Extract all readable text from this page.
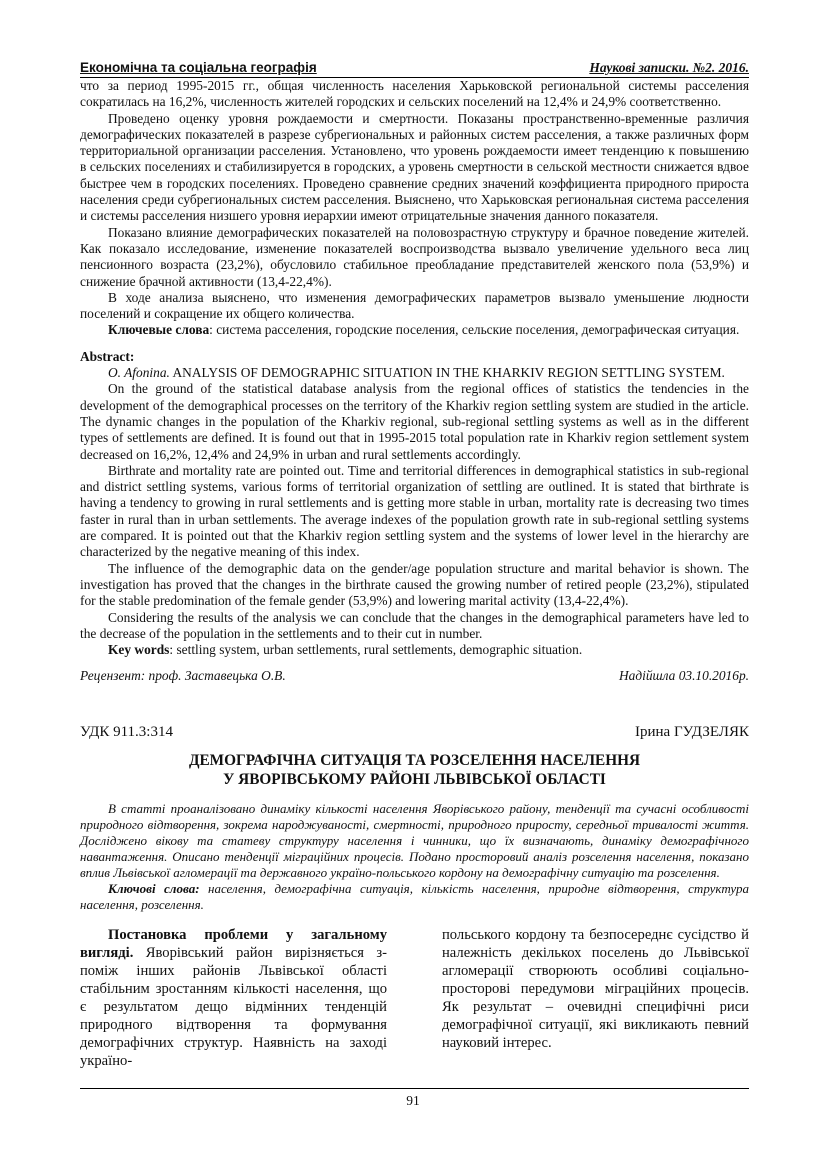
Економічна та соціальна географія	Наукові записки. №2. 2016.

что за период 1995-2015 гг., общая численность населения Харьковской региональной системы расселения сократилась на 16,2%, численность жителей городских и сельских поселений на 12,4% и 24,9% соответственно.

Проведено оценку уровня рождаемости и смертности. Показаны пространственно-временные различия демографических показателей в разрезе субрегиональных и районных систем расселения, а также различных форм территориальной организации расселения. Установлено, что уровень рождаемости имеет тенденцию к повышению в сельских поселениях и стабилизируется в городских, а уровень смертности в сельской местности снижается вдвое быстрее чем в городских поселениях. Проведено сравнение средних значений коэффициента природного прироста населения среди субрегиональных систем расселения. Выяснено, что Харьковская региональная система расселения и системы расселения низшего уровня иерархии имеют отрицательные значения данного показателя.

Показано влияние демографических показателей на половозрастную структуру и брачное поведение жителей. Как показало исследование, изменение показателей воспроизводства вызвало увеличение удельного веса лиц пенсионного возраста (23,2%), обусловило стабильное преобладание представителей женского пола (53,9%) и снижение брачной активности (13,4-22,4%).

В ходе анализа выяснено, что изменения демографических параметров вызвало уменьшение людности поселений и сокращение их общего количества.

Ключевые слова: система расселения, городские поселения, сельские поселения, демографическая ситуация.

Abstract:

O. Afonina. ANALYSIS OF DEMOGRAPHIC SITUATION IN THE KHARKIV REGION SETTLING SYSTEM.

On the ground of the statistical database analysis from the regional offices of statistics the tendencies in the development of the demographical processes on the territory of the Kharkiv region settling system are studied in the article. The dynamic changes in the population of the Kharkiv regional, sub-regional settling systems as well as in the different types of settlements are defined. It is found out that in 1995-2015 total population rate in Kharkiv region settlement system decreased on 16,2%, 12,4% and 24,9% in urban and rural settlements accordingly.

Birthrate and mortality rate are pointed out. Time and territorial differences in demographical statistics in sub-regional and district settling systems, various forms of territorial organization of settling are outlined. It is stated that birthrate is having a tendency to growing in rural settlements and is getting more stable in urban, mortality rate is decreasing two times faster in rural than in urban settlements. The average indexes of the population growth rate in sub-regional settling systems are compared. It is pointed out that the Kharkiv region settling system and the systems of lower level in the hierarchy are characterized by the negative meaning of this index.

The influence of the demographic data on the gender/age population structure and marital behavior is shown. The investigation has proved that the changes in the birthrate caused the growing number of retired people (23,2%), stipulated for the stable predomination of the female gender (53,9%) and lowering marital activity (13,4-22,4%).

Considering the results of the analysis we can conclude that the changes in the demographical parameters have led to the decrease of the population in the settlements and to their cut in number.

Key words: settling system, urban settlements, rural settlements, demographic situation.

Рецензент: проф. Заставецька О.В.	Надійшла 03.10.2016р.
УДК 911.3:314	Ірина ГУДЗЕЛЯК
ДЕМОГРАФІЧНА СИТУАЦІЯ ТА РОЗСЕЛЕННЯ НАСЕЛЕННЯ
У ЯВОРІВСЬКОМУ РАЙОНІ ЛЬВІВСЬКОЇ ОБЛАСТІ

В статті проаналізовано динаміку кількості населення Яворівського району, тенденції та сучасні особливості природного відтворення, зокрема народжуваності, смертності, природного приросту, середньої тривалості життя. Досліджено вікову та статеву структуру населення і чинники, що їх визначають, динаміку демографічного навантаження. Описано тенденції міграційних процесів. Подано просторовий аналіз розселення населення, показано вплив Львівської агломерації та державного україно-польського кордону на демографічну ситуацію та розселення.

Ключові слова: населення, демографічна ситуація, кількість населення, природне відтворення, структура населення, розселення.

Постановка проблеми у загальному вигляді. Яворівський район вирізняється з-поміж інших районів Львівської області стабільним зростанням кількості населення, що є результатом дещо відмінних тенденцій природного відтворення та формування демографічних структур. Наявність на заході україно-

польського кордону та безпосереднє сусідство й належність декількох поселень до Львівської агломерації створюють особливі соціально-просторові передумови міграційних процесів. Як результат – очевидні специфічні риси демографічної ситуації, які викликають певний науковий інтерес.

91
